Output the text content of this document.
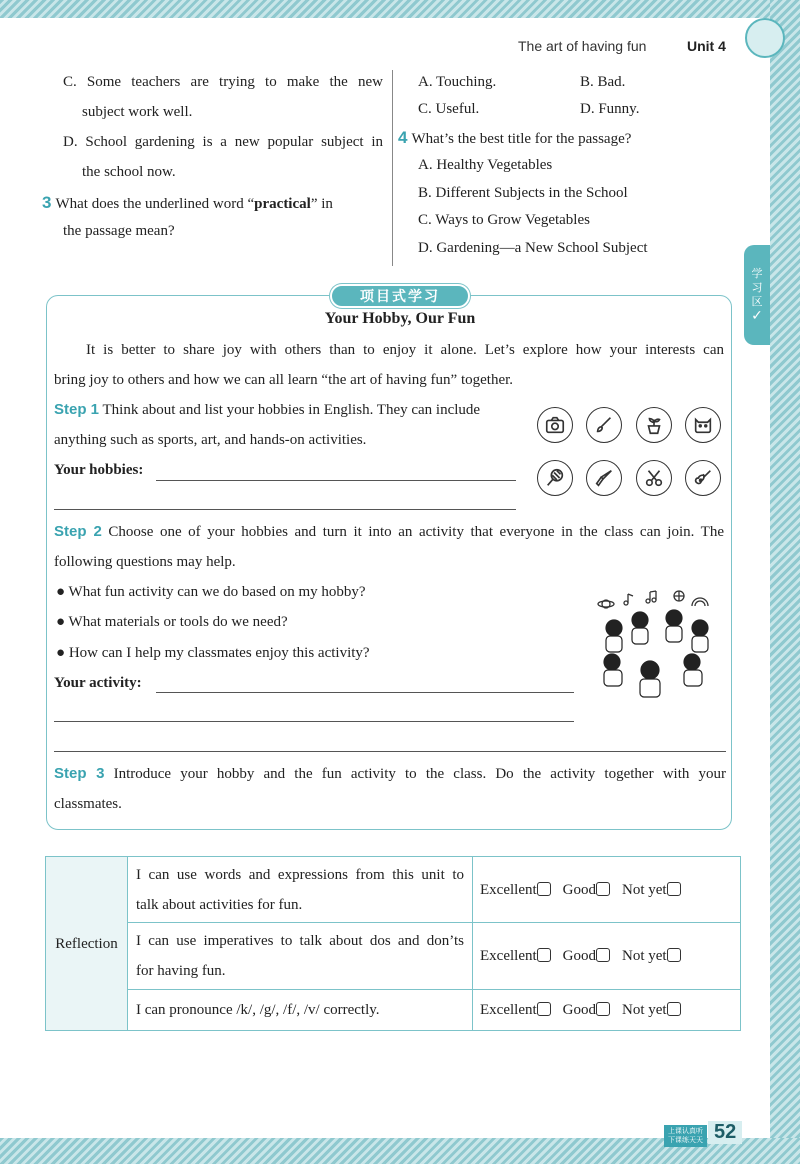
学
习
区
✓
The art of having fun	Unit 4
C. Some teachers are trying to make the new
subject work well.
D. School gardening is a new popular subject in
the school now.
3 What does the underlined word “practical” in
the passage mean?
A. Touching.	B. Bad.
C. Useful.	D. Funny.
4 What’s the best title for the passage?
A. Healthy Vegetables
B. Different Subjects in the School
C. Ways to Grow Vegetables
D. Gardening—a New School Subject
项目式学习
Your Hobby, Our Fun
It is better to share joy with others than to enjoy it alone. Let’s explore how your interests can
bring joy to others and how we can all learn “the art of having fun” together.
Step 1 Think about and list your hobbies in English. They can include
anything such as sports, art, and hands-on activities.
Your hobbies:
Step 2 Choose one of your hobbies and turn it into an activity that everyone in the class can join. The
following questions may help.
● What fun activity can we do based on my hobby?
● What materials or tools do we need?
● How can I help my classmates enjoy this activity?
Your activity:
Step 3 Introduce your hobby and the fun activity to the class. Do the activity together with your
classmates.
Reflection	I can use words and expressions from this unit to
talk about activities for fun.	Excellent Good Not yet

	I can use imperatives to talk about dos and don’ts
for having fun.	Excellent Good Not yet

	I can pronounce /k/, /g/, /f/, /v/ correctly.	Excellent Good Not yet
上课认真听
下课练天天 52
